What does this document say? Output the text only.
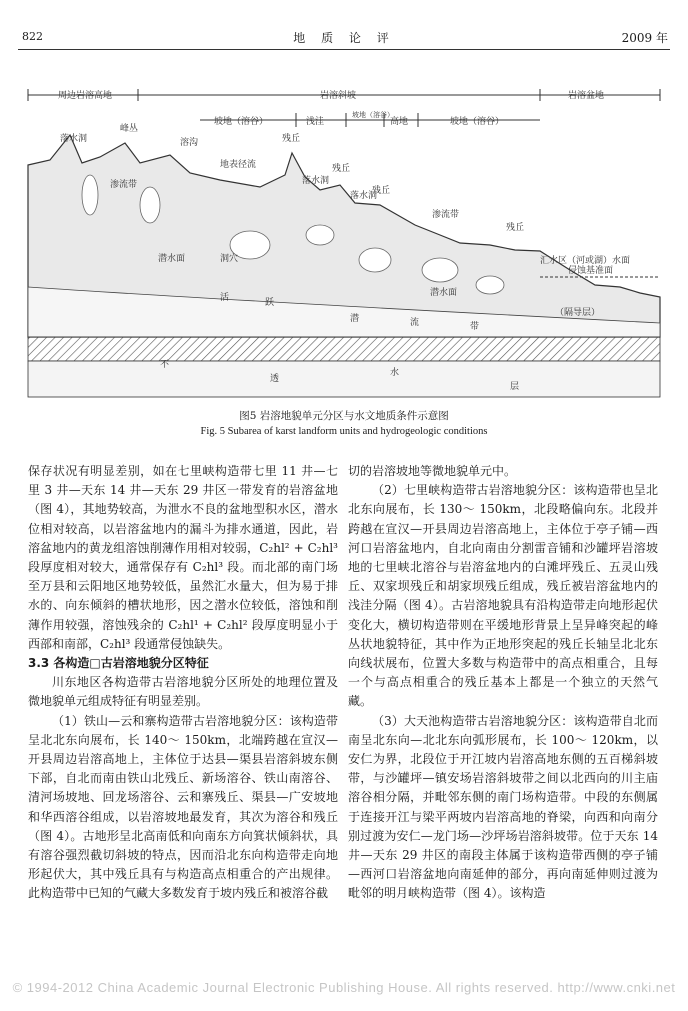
822	地 质 论 评	2009 年
周边岩溶高地	岩溶斜坡	岩溶盆地
坡地（溶谷）	浅洼
坡地（溶谷）
高地	坡地（溶谷）
落水洞
峰丛
溶沟
地表径流
残丘
落水洞
残丘
落水洞
残丘
渗流带
渗流带
残丘
潜水面
潜水面
洞穴	汇水区（河或湖）水面
侵蚀基准面
（隔导层）
活	跃
潜	流	带
不
透
水
层
图5 岩溶地貌单元分区与水文地质条件示意图
Fig. 5 Subarea of karst landform units and hydrogeologic conditions

保存状况有明显差别，如在七里峡构造带七里 11 井—七里 3 井—天东 14 井—天东 29 井区一带发育的岩溶盆地（图 4），其地势较高，为泄水不良的盆地型积水区，潜水位相对较高，以岩溶盆地内的漏斗为排水通道，因此，岩溶盆地内的黄龙组溶蚀削薄作用相对较弱，C₂hl² + C₂hl³ 段厚度相对较大，通常保存有 C₂hl³ 段。而北部的南门场至万县和云阳地区地势较低，虽然汇水量大，但为易于排水的、向东倾斜的槽状地形，因之潜水位较低，溶蚀和削薄作用较强，溶蚀残余的 C₂hl¹ + C₂hl² 段厚度明显小于西部和南部，C₂hl³ 段通常侵蚀缺失。

3.3 各构造□古岩溶地貌分区特征

川东地区各构造带古岩溶地貌分区所处的地理位置及微地貌单元组成特征有明显差别。

（1）铁山—云和寨构造带古岩溶地貌分区：该构造带呈北北东向展布，长 140～ 150km，北端跨越在宣汉—开县周边岩溶高地上，主体位于达县—渠县岩溶斜坡东侧下部，自北而南由铁山北残丘、新场溶谷、铁山南溶谷、清河场坡地、回龙场溶谷、云和寨残丘、渠县—广安坡地和华西溶谷组成，以岩溶坡地最发育，其次为溶谷和残丘（图 4）。古地形呈北高南低和向南东方向箕状倾斜状，具有溶谷强烈截切斜坡的特点，因而沿北东向构造带走向地形起伏大，其中残丘具有与构造高点相重合的产出规律。此构造带中已知的气藏大多数发育于坡内残丘和被溶谷截

切的岩溶坡地等微地貌单元中。

（2）七里峡构造带古岩溶地貌分区：该构造带也呈北北东向展布，长 130～ 150km，北段略偏向东。北段并跨越在宣汉—开县周边岩溶高地上，主体位于亭子铺—西河口岩溶盆地内，自北向南由分割雷音铺和沙罐坪岩溶坡地的七里峡北溶谷与岩溶盆地内的白滩坪残丘、五灵山残丘、双家坝残丘和胡家坝残丘组成，残丘被岩溶盆地内的浅洼分隔（图 4）。古岩溶地貌具有沿构造带走向地形起伏变化大，横切构造带则在平缓地形背景上呈异峰突起的峰丛状地貌特征，其中作为正地形突起的残丘长轴呈北北东向线状展布，位置大多数与构造带中的高点相重合，且每一个与高点相重合的残丘基本上都是一个独立的天然气藏。

（3）大天池构造带古岩溶地貌分区：该构造带自北而南呈北东向—北北东向弧形展布，长 100～ 120km，以安仁为界，北段位于开江坡内岩溶高地东侧的五百梯斜坡带，与沙罐坪—镇安场岩溶斜坡带之间以北西向的川主庙溶谷相分隔，并毗邻东侧的南门场构造带。中段的东侧属于连接开江与梁平两坡内岩溶高地的脊梁，向西和向南分别过渡为安仁—龙门场—沙坪场岩溶斜坡带。位于天东 14 井—天东 29 井区的南段主体属于该构造带西侧的亭子铺—西河口岩溶盆地向南延伸的部分，再向南延伸则过渡为毗邻的明月峡构造带（图 4）。该构造

© 1994-2012 China Academic Journal Electronic Publishing House. All rights reserved. http://www.cnki.net
